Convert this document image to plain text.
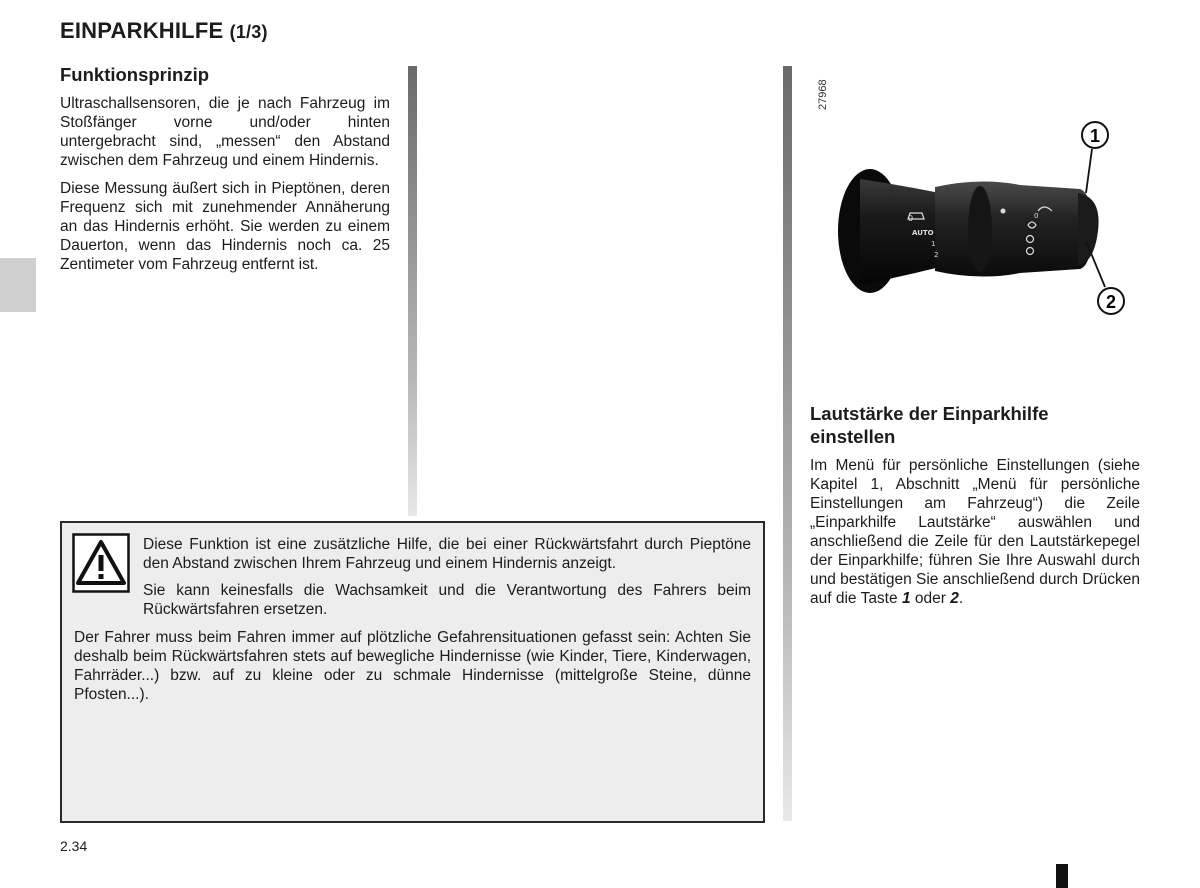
EINPARKHILFE (1/3)
Funktionsprinzip
Ultraschallsensoren, die je nach Fahrzeug im Stoßfänger vorne und/oder hinten untergebracht sind, „messen“ den Abstand zwischen dem Fahrzeug und einem Hindernis.
Diese Messung äußert sich in Pieptönen, deren Frequenz sich mit zunehmender Annäherung an das Hindernis erhöht. Sie werden zu einem Dauerton, wenn das Hindernis noch ca. 25 Zentimeter vom Fahrzeug entfernt ist.
27968
0
AUTO
1
2
0
1
2
Lautstärke der Einparkhilfe
einstellen
Im Menü für persönliche Einstellungen (siehe Kapitel 1, Abschnitt „Menü für persönliche Einstellungen am Fahrzeug“) die Zeile „Einparkhilfe Lautstärke“ auswählen und anschließend die Zeile für den Lautstärkepegel der Einparkhilfe; führen Sie Ihre Auswahl durch und bestätigen Sie anschließend durch Drücken auf die Taste 1 oder 2.
Diese Funktion ist eine zusätzliche Hilfe, die bei einer Rückwärtsfahrt durch Pieptöne den Abstand zwischen Ihrem Fahrzeug und einem Hindernis anzeigt.
Sie kann keinesfalls die Wachsamkeit und die Verantwortung des Fahrers beim Rückwärtsfahren ersetzen.
Der Fahrer muss beim Fahren immer auf plötzliche Gefahrensituationen gefasst sein: Achten Sie deshalb beim Rückwärtsfahren stets auf bewegliche Hindernisse (wie Kinder, Tiere, Kinderwagen, Fahrräder...) bzw. auf zu kleine oder zu schmale Hindernisse (mittelgroße Steine, dünne Pfosten...).
2.34
